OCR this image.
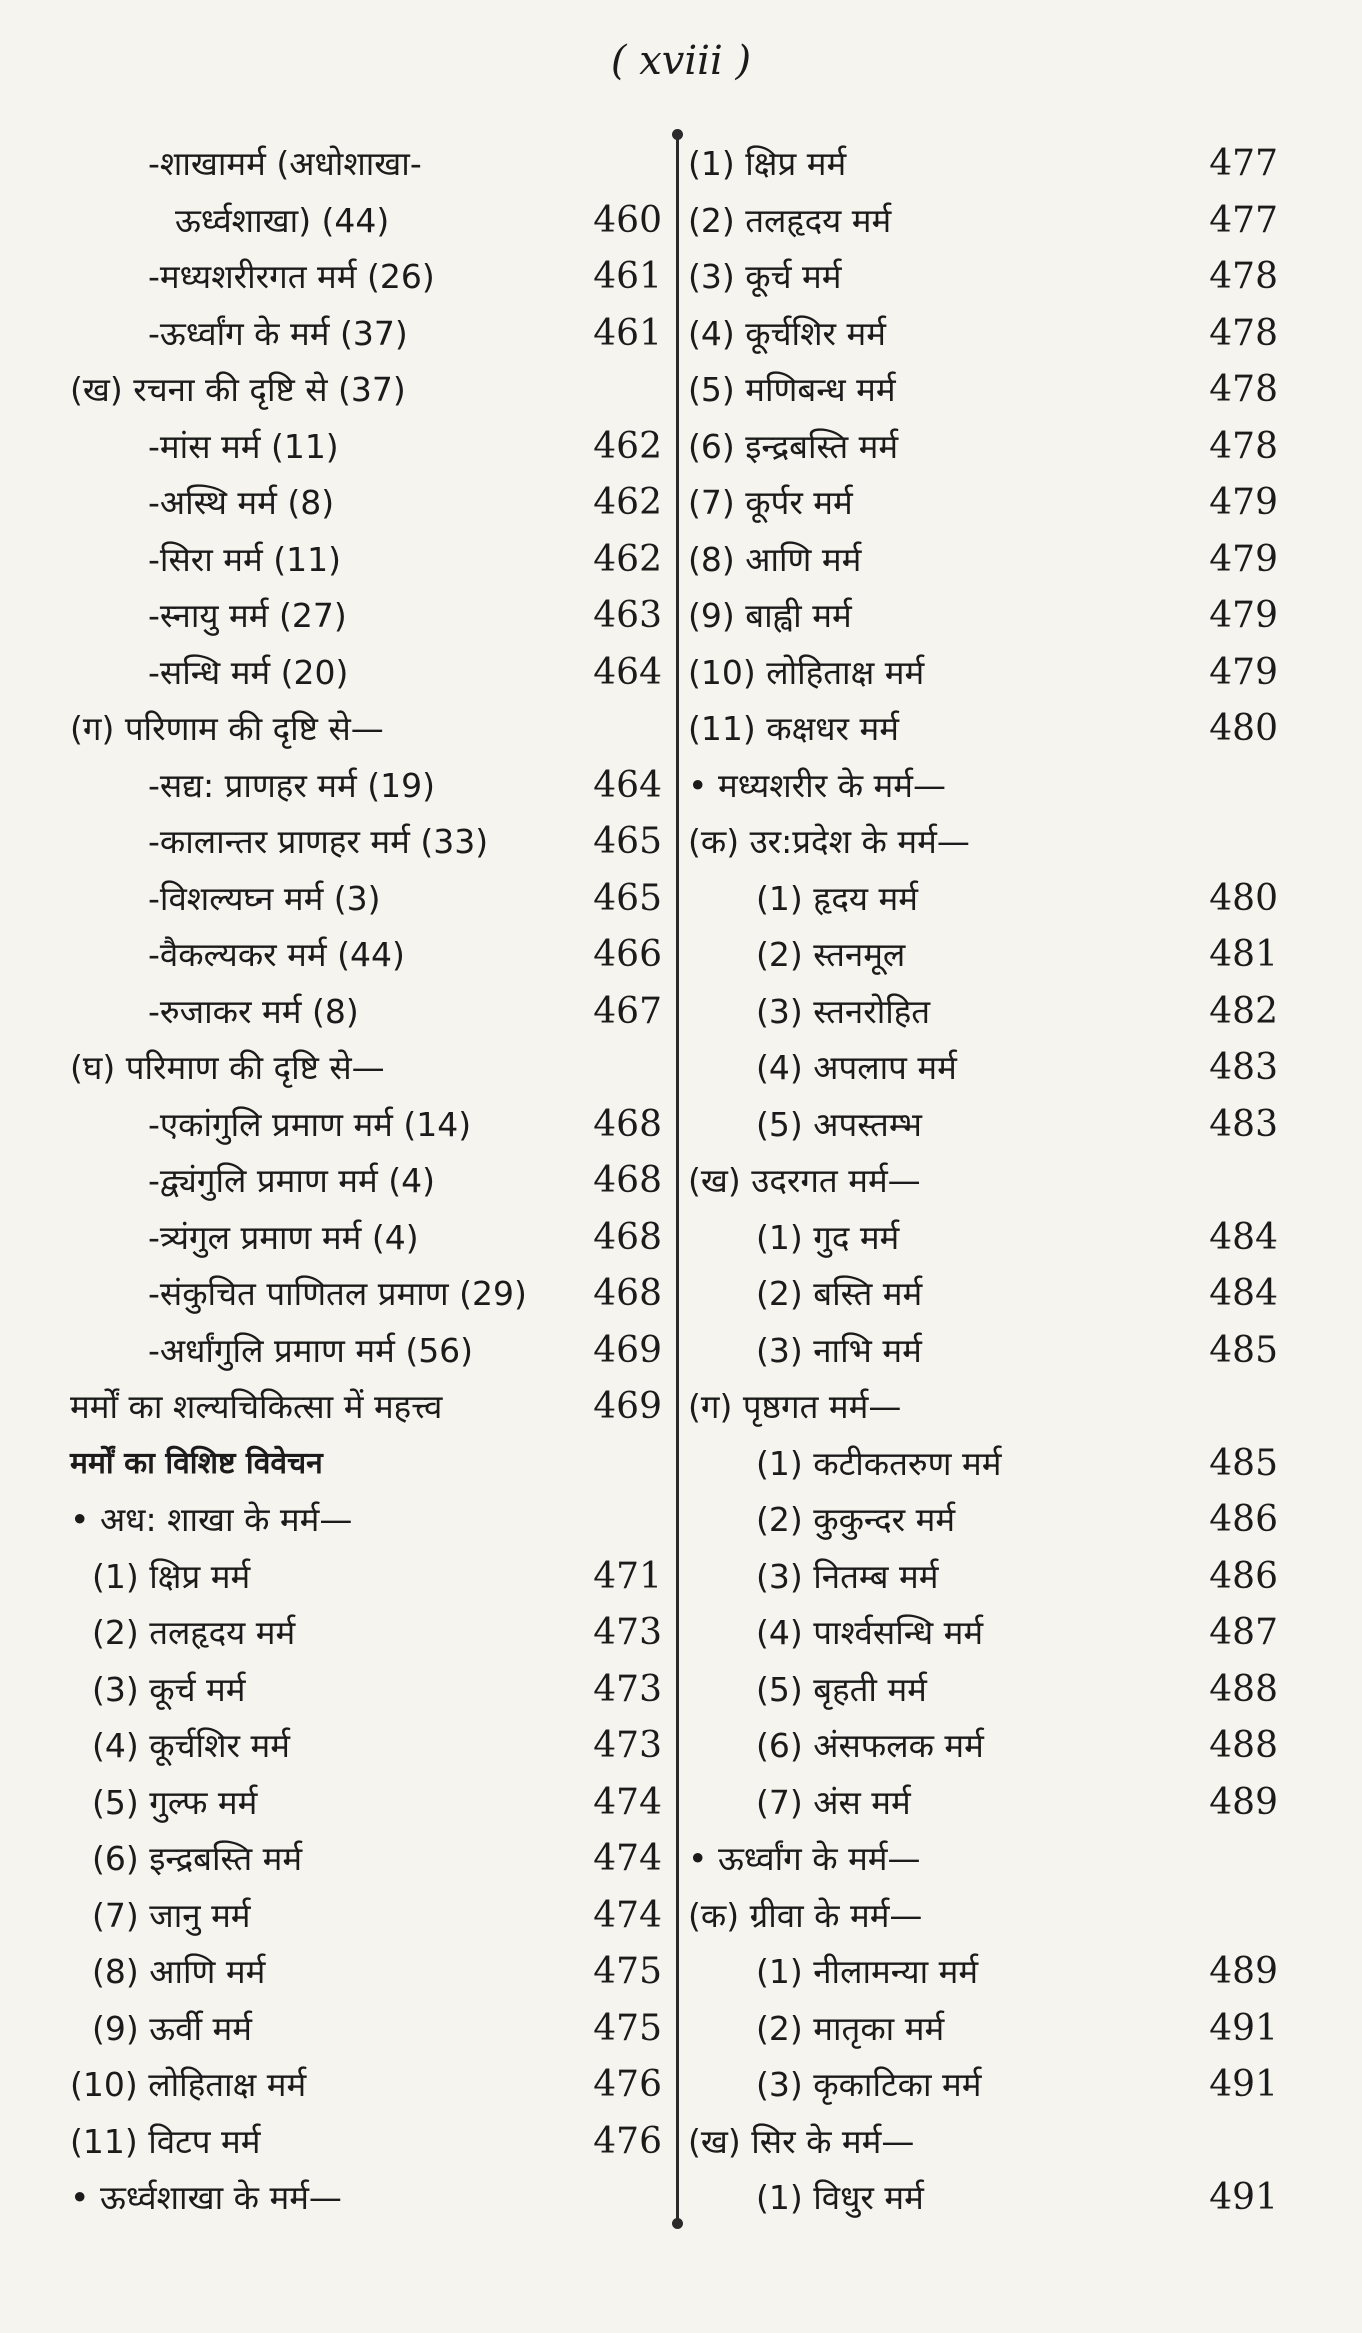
( xviii )
-शाखामर्म (अधोशाखा-
ऊर्ध्वशाखा) (44)	460
-मध्यशरीरगत मर्म (26)	461
-ऊर्ध्वांग के मर्म (37)	461
(ख) रचना की दृष्टि से (37)
-मांस मर्म (11)	462
-अस्थि मर्म (8)	462
-सिरा मर्म (11)	462
-स्नायु मर्म (27)	463
-सन्धि मर्म (20)	464
(ग) परिणाम की दृष्टि से—
-सद्य: प्राणहर मर्म (19)	464
-कालान्तर प्राणहर मर्म (33)	465
-विशल्यघ्न मर्म (3)	465
-वैकल्यकर मर्म (44)	466
-रुजाकर मर्म (8)	467
(घ) परिमाण की दृष्टि से—
-एकांगुलि प्रमाण मर्म (14)	468
-द्व्यंगुलि प्रमाण मर्म (4)	468
-त्र्यंगुल प्रमाण मर्म (4)	468
-संकुचित पाणितल प्रमाण (29) 468
-अर्धांगुलि प्रमाण मर्म (56)	469
मर्मों का शल्यचिकित्सा में महत्त्व	469
मर्मों का विशिष्ट विवेचन
• अध: शाखा के मर्म—
(1) क्षिप्र मर्म	471
(2) तलहृदय मर्म	473
(3) कूर्च मर्म	473
(4) कूर्चशिर मर्म	473
(5) गुल्फ मर्म	474
(6) इन्द्रबस्ति मर्म	474
(7) जानु मर्म	474
(8) आणि मर्म	475
(9) ऊर्वी मर्म	475
(10) लोहिताक्ष मर्म	476
(11) विटप मर्म	476
• ऊर्ध्वशाखा के मर्म—
(1) क्षिप्र मर्म	477
(2) तलहृदय मर्म	477
(3) कूर्च मर्म	478
(4) कूर्चशिर मर्म	478
(5) मणिबन्ध मर्म	478
(6) इन्द्रबस्ति मर्म	478
(7) कूर्पर मर्म	479
(8) आणि मर्म	479
(9) बाह्वी मर्म	479
(10) लोहिताक्ष मर्म	479
(11) कक्षधर मर्म	480
• मध्यशरीर के मर्म—
(क) उर:प्रदेश के मर्म—
(1) हृदय मर्म	480
(2) स्तनमूल	481
(3) स्तनरोहित	482
(4) अपलाप मर्म	483
(5) अपस्तम्भ	483
(ख) उदरगत मर्म—
(1) गुद मर्म	484
(2) बस्ति मर्म	484
(3) नाभि मर्म	485
(ग) पृष्ठगत मर्म—
(1) कटीकतरुण मर्म	485
(2) कुकुन्दर मर्म	486
(3) नितम्ब मर्म	486
(4) पार्श्वसन्धि मर्म	487
(5) बृहती मर्म	488
(6) अंसफलक मर्म	488
(7) अंस मर्म	489
• ऊर्ध्वांग के मर्म—
(क) ग्रीवा के मर्म—
(1) नीलामन्या मर्म	489
(2) मातृका मर्म	491
(3) कृकाटिका मर्म	491
(ख) सिर के मर्म—
(1) विधुर मर्म	491
